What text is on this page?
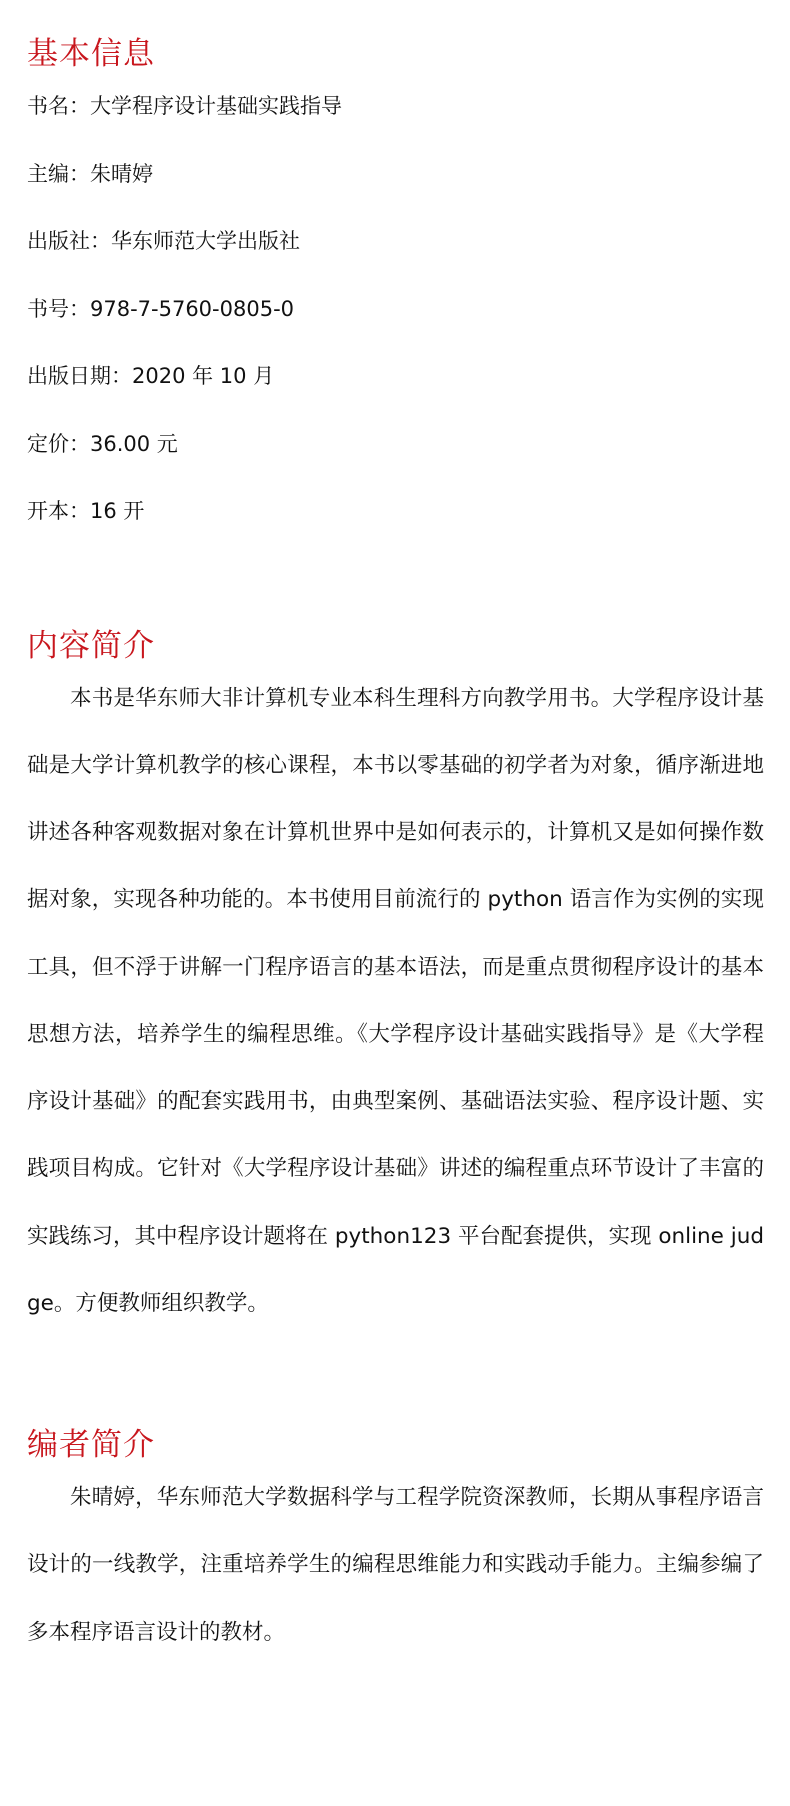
基本信息
书名：大学程序设计基础实践指导
主编：朱晴婷
出版社：华东师范大学出版社
书号：978-7-5760-0805-0
出版日期：2020 年 10 月
定价：36.00 元
开本：16 开
内容简介

本书是华东师大非计算机专业本科生理科方向教学用书。大学程序设计基础是大学计算机教学的核心课程，本书以零基础的初学者为对象，循序渐进地讲述各种客观数据对象在计算机世界中是如何表示的，计算机又是如何操作数据对象，实现各种功能的。本书使用目前流行的 python 语言作为实例的实现工具，但不浮于讲解一门程序语言的基本语法，而是重点贯彻程序设计的基本思想方法，培养学生的编程思维。《大学程序设计基础实践指导》是《大学程序设计基础》的配套实践用书，由典型案例、基础语法实验、程序设计题、实践项目构成。它针对《大学程序设计基础》讲述的编程重点环节设计了丰富的实践练习，其中程序设计题将在 python123 平台配套提供，实现 online judge。方便教师组织教学。

编者简介

朱晴婷，华东师范大学数据科学与工程学院资深教师，长期从事程序语言设计的一线教学，注重培养学生的编程思维能力和实践动手能力。主编参编了多本程序语言设计的教材。
